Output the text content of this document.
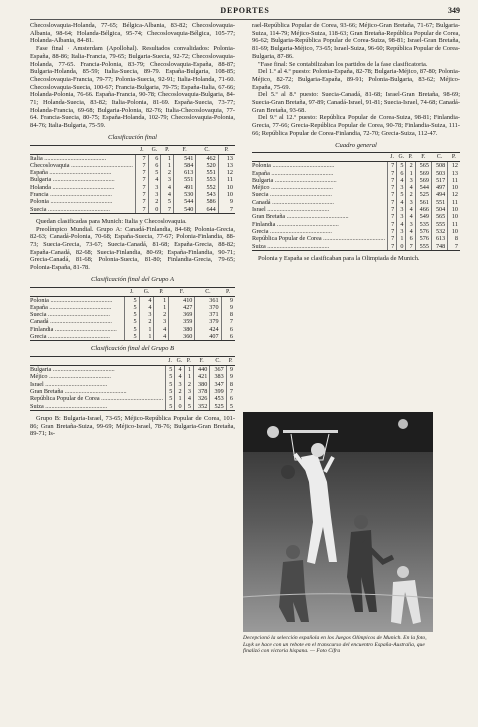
DEPORTES	349

Checoslovaquia-Holanda, 77-65; Bélgica-Albania, 83-82; Checoslovaquia-Albania, 98-64; Holanda-Bélgica, 95-74; Checoslovaquia-Bélgica, 105-77; Holanda-Albania, 84-81.

Fase final · Amsterdam (Apollohal). Resultados convalidados: Polonia-España, 88-86; Italia-Francia, 79-65; Bulgaria-Suecia, 92-72; Checoslovaquia-Holanda, 77-65. Francia-Polonia, 83-79; Checoslovaquia-España, 88-87; Bulgaria-Holanda, 85-59; Italia-Suecia, 89-79. España-Bulgaria, 108-85; Checoslovaquia-Francia, 79-77; Polonia-Suecia, 92-91; Italia-Holanda, 71-60. Checoslovaquia-Suecia, 100-67; Francia-Bulgaria, 79-75; España-Italia, 67-66; Holanda-Polonia, 76-66. España-Francia, 90-78; Checoslovaquia-Bulgaria, 84-71; Holanda-Suecia, 83-82; Italia-Polonia, 81-69. España-Suecia, 73-77; Holanda-Francia, 69-68; Bulgaria-Polonia, 82-76; Italia-Checoslovaquia, 77-64. Francia-Suecia, 80-75; España-Holanda, 102-79; Checoslovaquia-Polonia, 84-76; Italia-Bulgaria, 75-59.

Clasificación final

	J.	G.	P.	F.	C.	P.
Italia ........................................	7	6	1	541	462	13
Checoslovaquia ........................................	7	6	1	584	520	13
España ........................................	7	5	2	613	551	12
Bulgaria ........................................	7	4	3	551	553	11
Holanda ........................................	7	3	4	491	552	10
Francia ........................................	7	3	4	530	543	10
Polonia ........................................	7	2	5	544	586	9
Suecia ........................................	7	0	7	540	644	7

Quedan clasificadas para Munich: Italia y Checoslovaquia.

Preolímpico Mundial. Grupo A: Canadá-Finlandia, 84-68; Polonia-Grecia, 82-63; Canadá-Polonia, 70-68; España-Suecia, 77-67; Polonia-Finlandia, 88-73; Suecia-Grecia, 73-67; Suecia-Canadá, 81-68; España-Grecia, 88-82; España-Canadá, 82-68; Suecia-Finlandia, 80-69; España-Finlandia, 90-71; Grecia-Canadá, 81-68; Polonia-Suecia, 81-80; Finlandia-Grecia, 79-65; Polonia-España, 81-78.

Clasificación final del Grupo A

	J.	G.	P.	F.	C.	P.
Polonia ........................................	5	4	1	410	361	9
España ........................................	5	4	1	427	370	9
Suecia ........................................	5	3	2	369	371	8
Canadá ........................................	5	2	3	359	379	7
Finlandia ........................................	5	1	4	380	424	6
Grecia ........................................	5	1	4	360	407	6

Clasificación final del Grupo B

	J.	G.	P.	F.	C.	P.
Bulgaria ........................................	5	4	1	440	367	9
Méjico ........................................	5	4	1	421	383	9
Israel ........................................	5	3	2	380	347	8
Gran Bretaña ........................................	5	2	3	378	399	7
República Popular de Corea ........................................	5	1	4	326	453	6
Suiza ........................................	5	0	5	352	525	5

Grupo B: Bulgaria-Israel, 73-65; Méjico-República Popular de Corea, 101-86; Gran Bretaña-Suiza, 99-69; Méjico-Israel, 78-76; Bulgaria-Gran Bretaña, 89-71; Is-

rael-República Popular de Corea, 93-66; Méjico-Gran Bretaña, 71-67; Bulgaria-Suiza, 114-79; Méjico-Suiza, 118-63; Gran Bretaña-República Popular de Corea, 96-62; Bulgaria-República Popular de Corea-Suiza, 98-81; Israel-Gran Bretaña, 81-69; Bulgaria-Méjico, 73-65; Israel-Suiza, 96-60; República Popular de Corea-Bulgaria, 87-86.

"Fase final: Se contabilizaban los partidos de la fase clasificatoria.

Del 1.º al 4.º puesto: Polonia-España, 82-78; Bulgaria-Méjico, 87-80; Polonia-Méjico, 82-72; Bulgaria-España, 89-91; Polonia-Bulgaria, 83-62; Méjico-España, 75-69.

Del 5.º al 8.º puesto: Suecia-Canadá, 81-68; Israel-Gran Bretaña, 98-69; Suecia-Gran Bretaña, 97-89; Canadá-Israel, 91-81; Suecia-Israel, 74-68; Canadá-Gran Bretaña, 93-68.

Del 9.º al 12.º puesto: República Popular de Corea-Suiza, 98-81; Finlandia-Grecia, 77-66; Grecia-República Popular de Corea, 90-78; Finlandia-Suiza, 111-66; República Popular de Corea-Finlandia, 72-70; Grecia-Suiza, 112-47.

Cuadro general

	J.	G.	P.	F.	C.	P.
Polonia ........................................	7	5	2	565	508	12
España ........................................	7	6	1	569	503	13
Bulgaria ........................................	7	4	3	569	517	11
Méjico ........................................	7	3	4	544	497	10
Suecia ........................................	7	5	2	525	494	12
Canadá ........................................	7	4	3	561	551	11
Israel ........................................	7	3	4	466	504	10
Gran Bretaña ........................................	7	3	4	549	565	10
Finlandia ........................................	7	4	3	535	555	11
Grecia ........................................	7	3	4	576	532	10
República Popular de Corea ........................................	7	1	6	576	613	8
Suiza ........................................	7	0	7	555	748	7

Polonia y España se clasificaban para la Olimpiada de Munich.

Decepcionó la selección española en los Juegos Olímpicos de Munich. En la foto, Luyk se hace con un rebote en el transcurso del encuentro España-Australia, que finalizó con victoria hispana. — Foto Cifra
